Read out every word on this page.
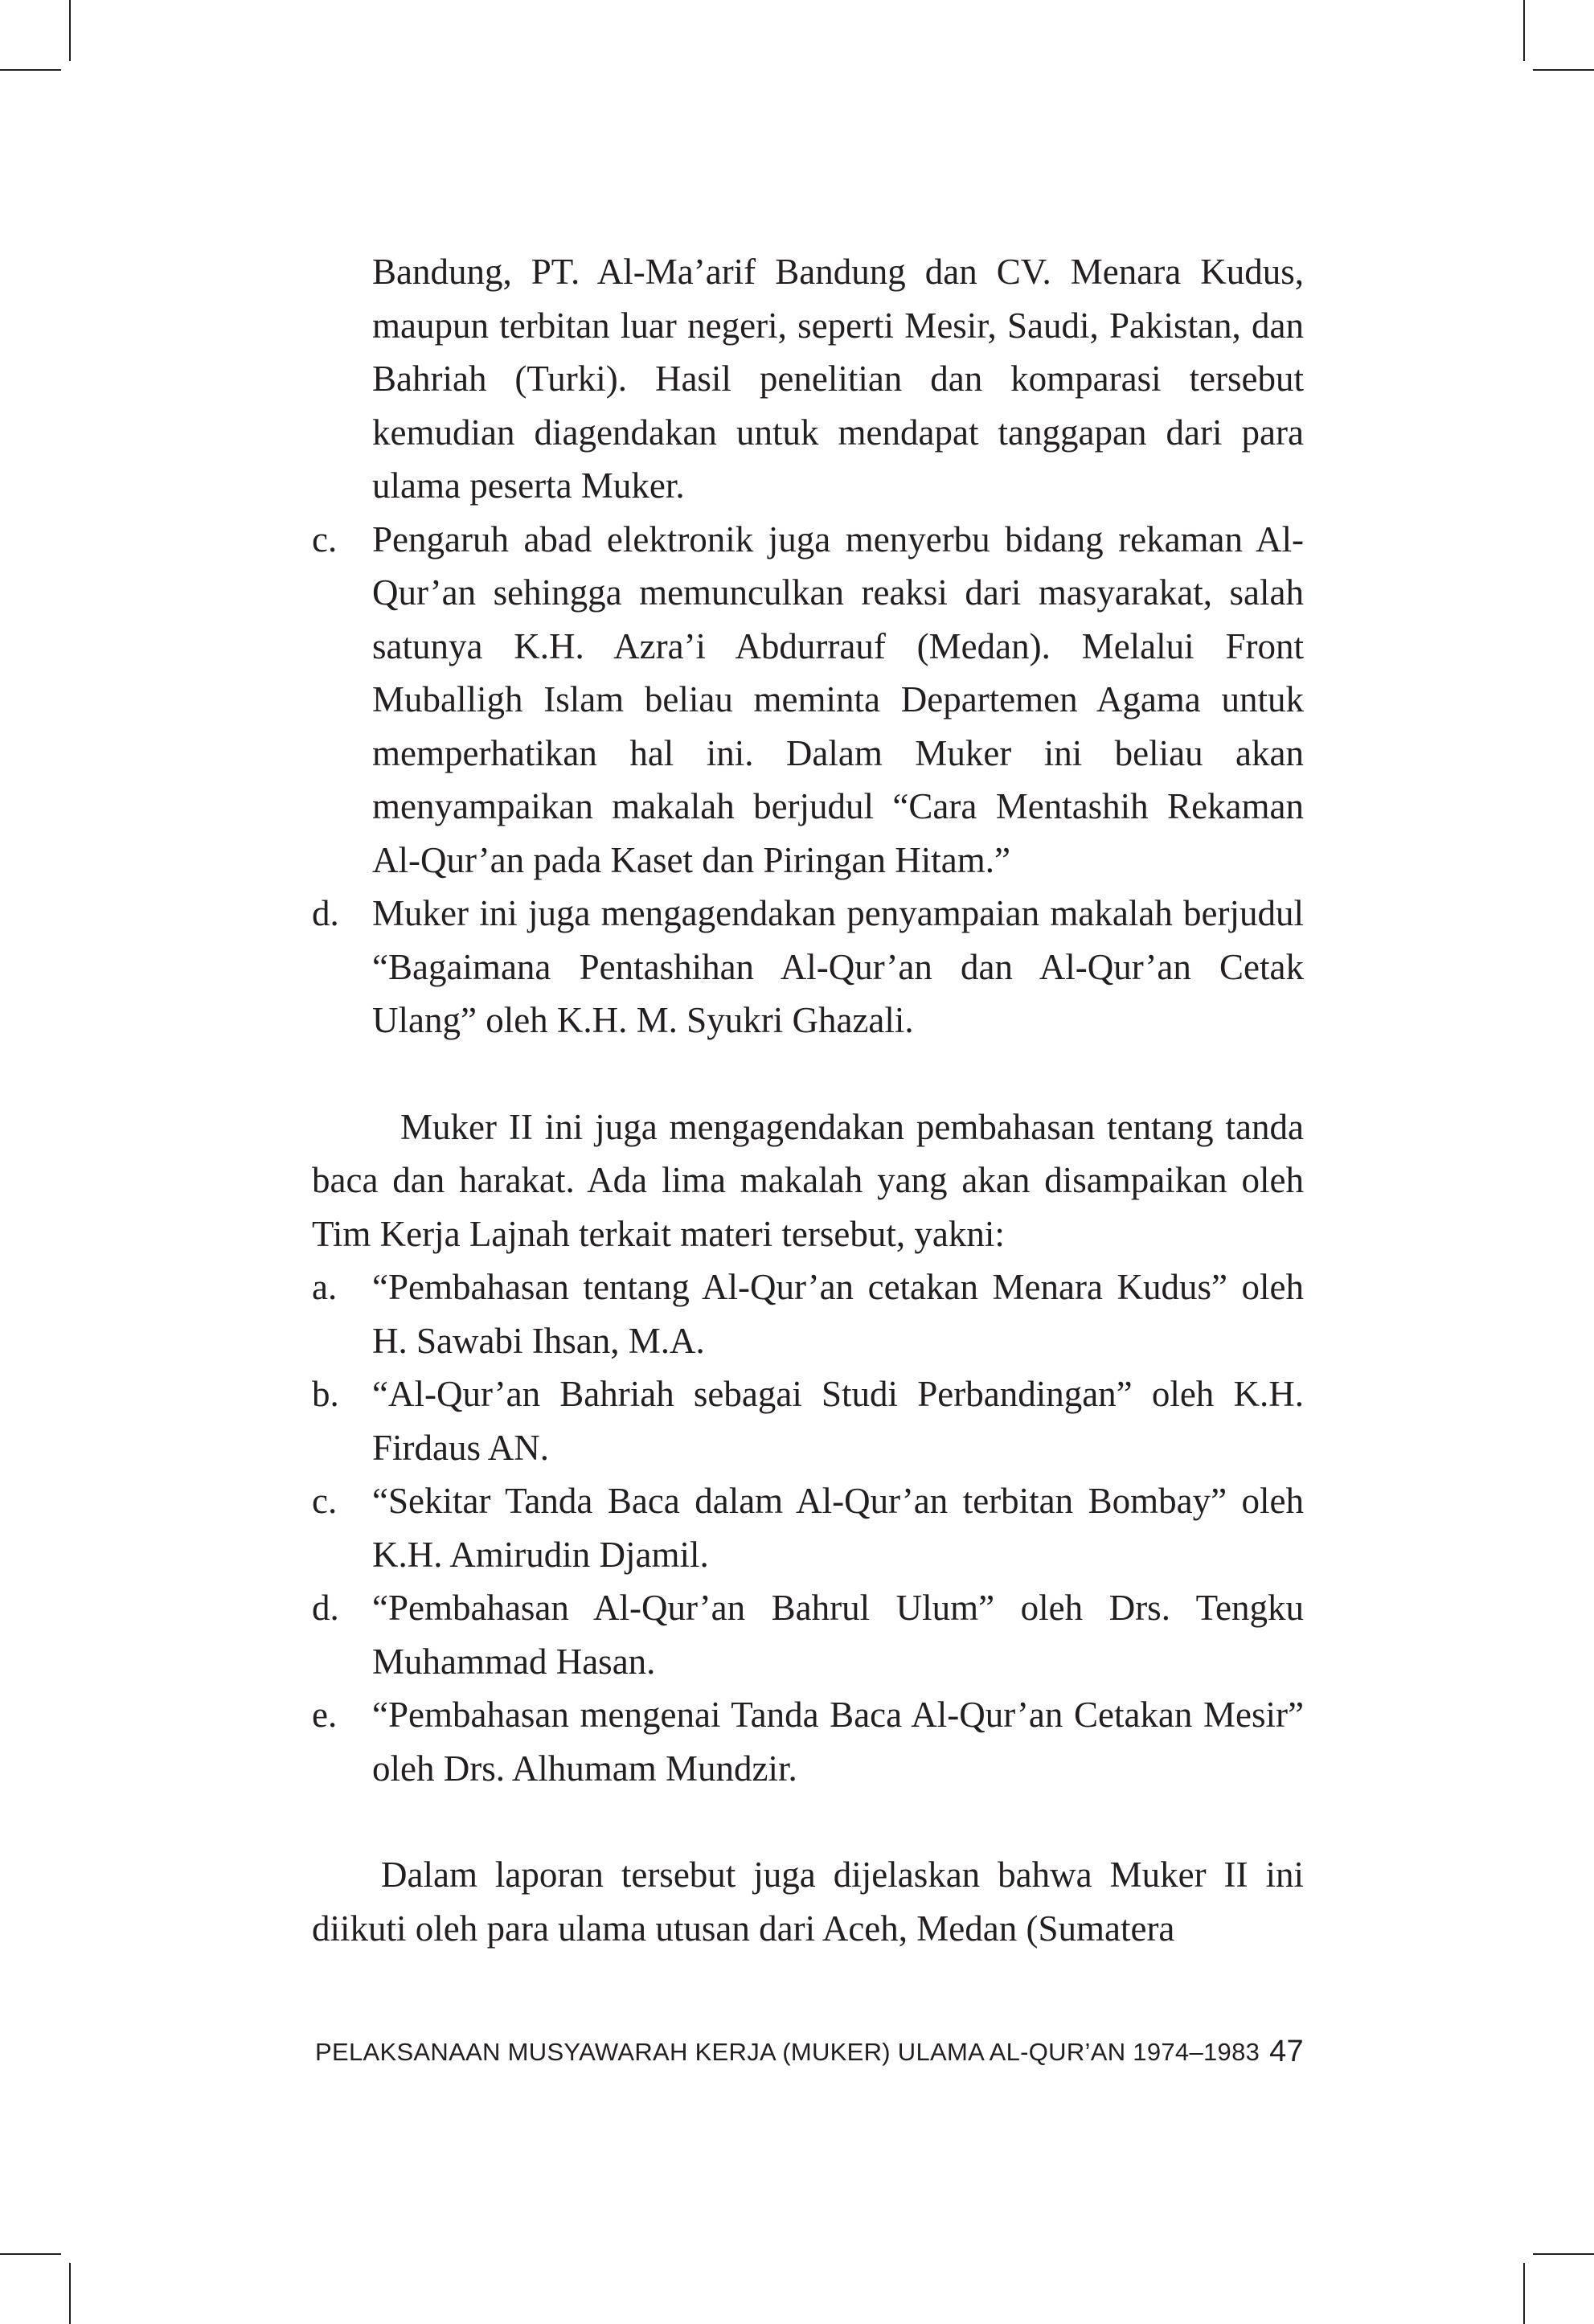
Bandung, PT. Al-Ma’arif Bandung dan CV. Menara Kudus, maupun terbitan luar negeri, seperti Mesir, Saudi, Pakistan, dan Bahriah (Turki). Hasil penelitian dan komparasi tersebut kemudian diagendakan untuk mendapat tanggapan dari para ulama peserta Muker.

c. Pengaruh abad elektronik juga menyerbu bidang rekaman Al-Qur’an sehingga memunculkan reaksi dari masyarakat, salah satunya K.H. Azra’i Abdurrauf (Medan). Melalui Front Muballigh Islam beliau meminta Departemen Agama untuk memperhatikan hal ini. Dalam Muker ini beliau akan menyampaikan makalah berjudul “Cara Mentashih Rekaman Al-Qur’an pada Kaset dan Piringan Hitam.”
d. Muker ini juga mengagendakan penyampaian makalah berjudul “Bagaimana Pentashihan Al-Qur’an dan Al-Qur’an Cetak Ulang” oleh K.H. M. Syukri Ghazali.

Muker II ini juga mengagendakan pembahasan tentang tanda baca dan harakat. Ada lima makalah yang akan disampaikan oleh Tim Kerja Lajnah terkait materi tersebut, yakni:

a. “Pembahasan tentang Al-Qur’an cetakan Menara Kudus” oleh H. Sawabi Ihsan, M.A.
b. “Al-Qur’an Bahriah sebagai Studi Perbandingan” oleh K.H. Firdaus AN.
c. “Sekitar Tanda Baca dalam Al-Qur’an terbitan Bombay” oleh K.H. Amirudin Djamil.
d. “Pembahasan Al-Qur’an Bahrul Ulum” oleh Drs. Tengku Muhammad Hasan.
e. “Pembahasan mengenai Tanda Baca Al-Qur’an Cetakan Mesir” oleh Drs. Alhumam Mundzir.

Dalam laporan tersebut juga dijelaskan bahwa Muker II ini diikuti oleh para ulama utusan dari Aceh, Medan (Sumatera

PELAKSANAAN MUSYAWARAH KERJA (MUKER) ULAMA AL-QUR’AN 1974–1983 47
